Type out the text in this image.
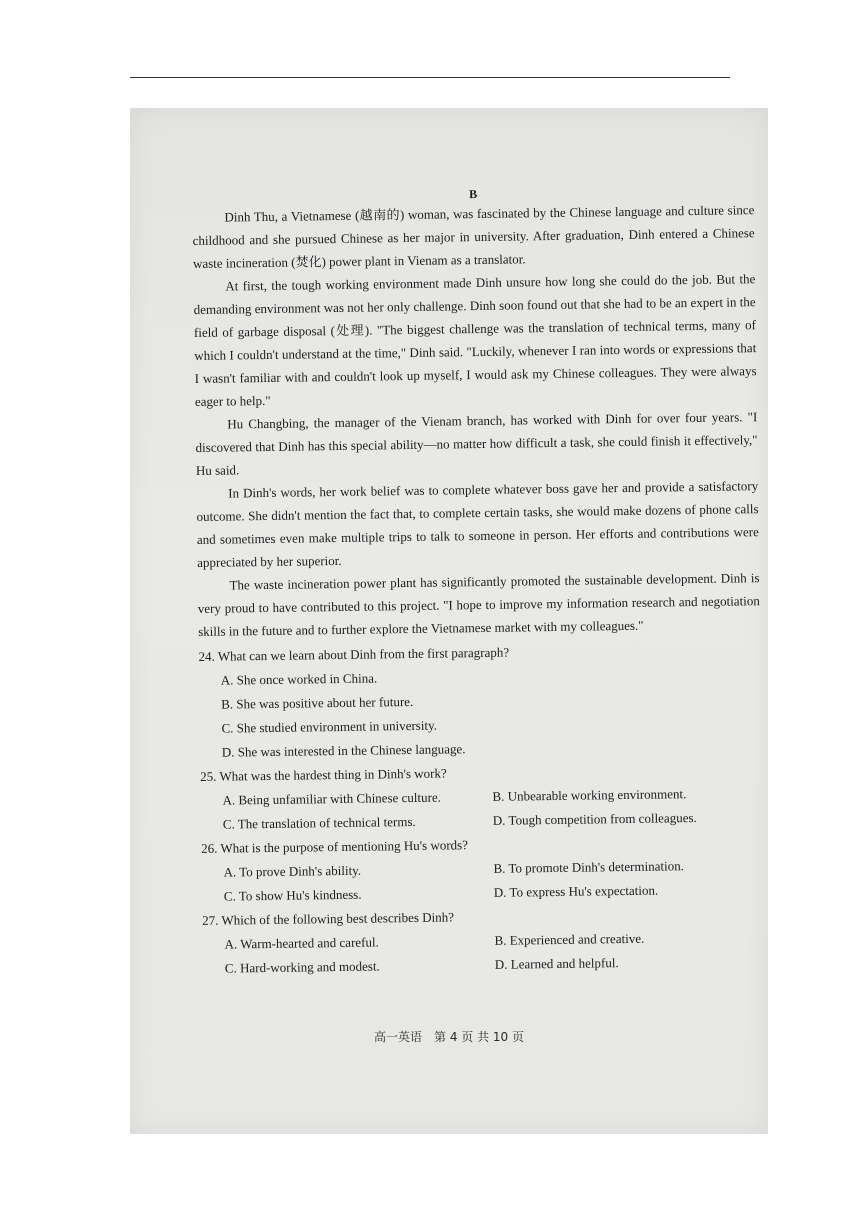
B

Dinh Thu, a Vietnamese (越南的) woman, was fascinated by the Chinese language and culture since childhood and she pursued Chinese as her major in university. After graduation, Dinh entered a Chinese waste incineration (焚化) power plant in Vienam as a translator.

At first, the tough working environment made Dinh unsure how long she could do the job. But the demanding environment was not her only challenge. Dinh soon found out that she had to be an expert in the field of garbage disposal (处理). "The biggest challenge was the translation of technical terms, many of which I couldn't understand at the time," Dinh said. "Luckily, whenever I ran into words or expressions that I wasn't familiar with and couldn't look up myself, I would ask my Chinese colleagues. They were always eager to help."

Hu Changbing, the manager of the Vienam branch, has worked with Dinh for over four years. "I discovered that Dinh has this special ability—no matter how difficult a task, she could finish it effectively," Hu said.

In Dinh's words, her work belief was to complete whatever boss gave her and provide a satisfactory outcome. She didn't mention the fact that, to complete certain tasks, she would make dozens of phone calls and sometimes even make multiple trips to talk to someone in person. Her efforts and contributions were appreciated by her superior.

The waste incineration power plant has significantly promoted the sustainable development. Dinh is very proud to have contributed to this project. "I hope to improve my information research and negotiation skills in the future and to further explore the Vietnamese market with my colleagues."

24. What can we learn about Dinh from the first paragraph?

A. She once worked in China.

B. She was positive about her future.

C. She studied environment in university.

D. She was interested in the Chinese language.

25. What was the hardest thing in Dinh's work?

A. Being unfamiliar with Chinese culture.	B. Unbearable working environment.
C. The translation of technical terms.	D. Tough competition from colleagues.

26. What is the purpose of mentioning Hu's words?

A. To prove Dinh's ability.	B. To promote Dinh's determination.
C. To show Hu's kindness.	D. To express Hu's expectation.

27. Which of the following best describes Dinh?

A. Warm-hearted and careful.	B. Experienced and creative.
C. Hard-working and modest.	D. Learned and helpful.
高一英语　第 4 页 共 10 页
